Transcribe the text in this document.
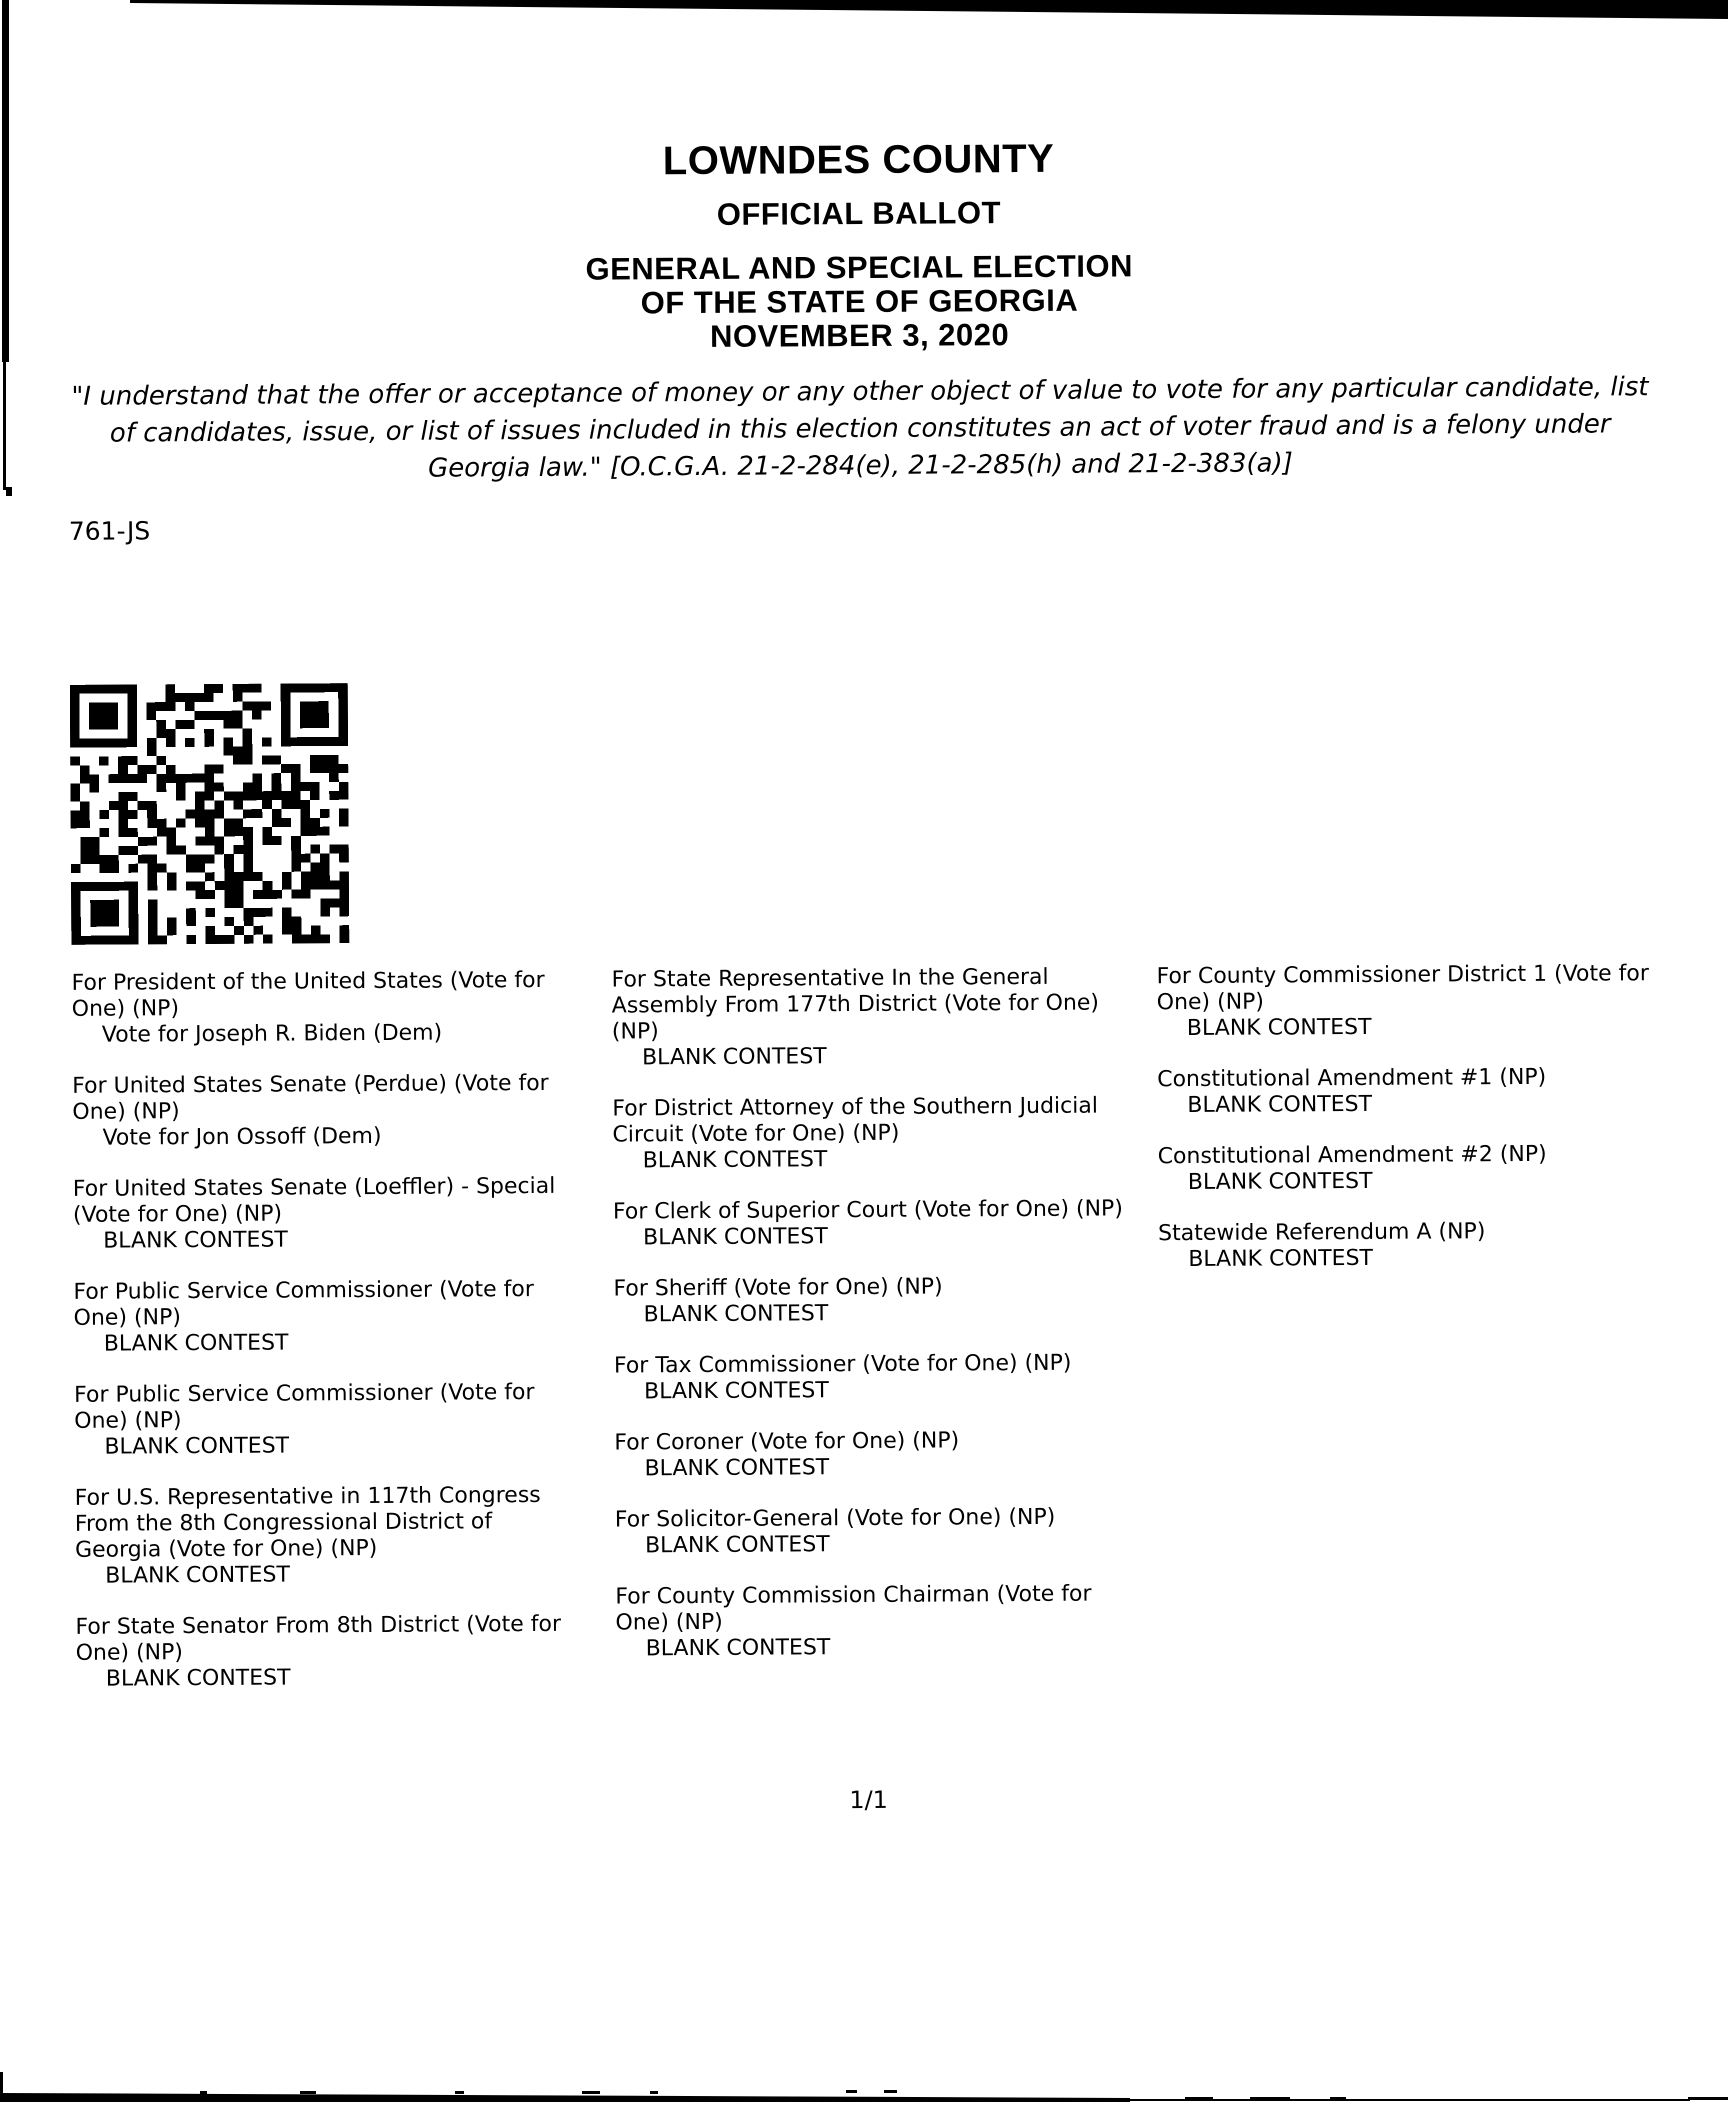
LOWNDES COUNTY
OFFICIAL BALLOT
GENERAL AND SPECIAL ELECTION
OF THE STATE OF GEORGIA
NOVEMBER 3, 2020
"I understand that the offer or acceptance of money or any other object of value to vote for any particular candidate, list of candidates, issue, or list of issues included in this election constitutes an act of voter fraud and is a felony under Georgia law." [O.C.G.A. 21-2-284(e), 21-2-285(h) and 21-2-383(a)]
761-JS
For President of the United States (Vote for One) (NP)
Vote for Joseph R. Biden (Dem)
For United States Senate (Perdue) (Vote for One) (NP)
Vote for Jon Ossoff (Dem)
For United States Senate (Loeffler) - Special (Vote for One) (NP)
BLANK CONTEST
For Public Service Commissioner (Vote for One) (NP)
BLANK CONTEST
For Public Service Commissioner (Vote for One) (NP)
BLANK CONTEST
For U.S. Representative in 117th Congress From the 8th Congressional District of Georgia (Vote for One) (NP)
BLANK CONTEST
For State Senator From 8th District (Vote for One) (NP)
BLANK CONTEST
For State Representative In the General Assembly From 177th District (Vote for One) (NP)
BLANK CONTEST
For District Attorney of the Southern Judicial Circuit (Vote for One) (NP)
BLANK CONTEST
For Clerk of Superior Court (Vote for One) (NP)
BLANK CONTEST
For Sheriff (Vote for One) (NP)
BLANK CONTEST
For Tax Commissioner (Vote for One) (NP)
BLANK CONTEST
For Coroner (Vote for One) (NP)
BLANK CONTEST
For Solicitor-General (Vote for One) (NP)
BLANK CONTEST
For County Commission Chairman (Vote for One) (NP)
BLANK CONTEST
For County Commissioner District 1 (Vote for One) (NP)
BLANK CONTEST
Constitutional Amendment #1 (NP)
BLANK CONTEST
Constitutional Amendment #2 (NP)
BLANK CONTEST
Statewide Referendum A (NP)
BLANK CONTEST
1/1
